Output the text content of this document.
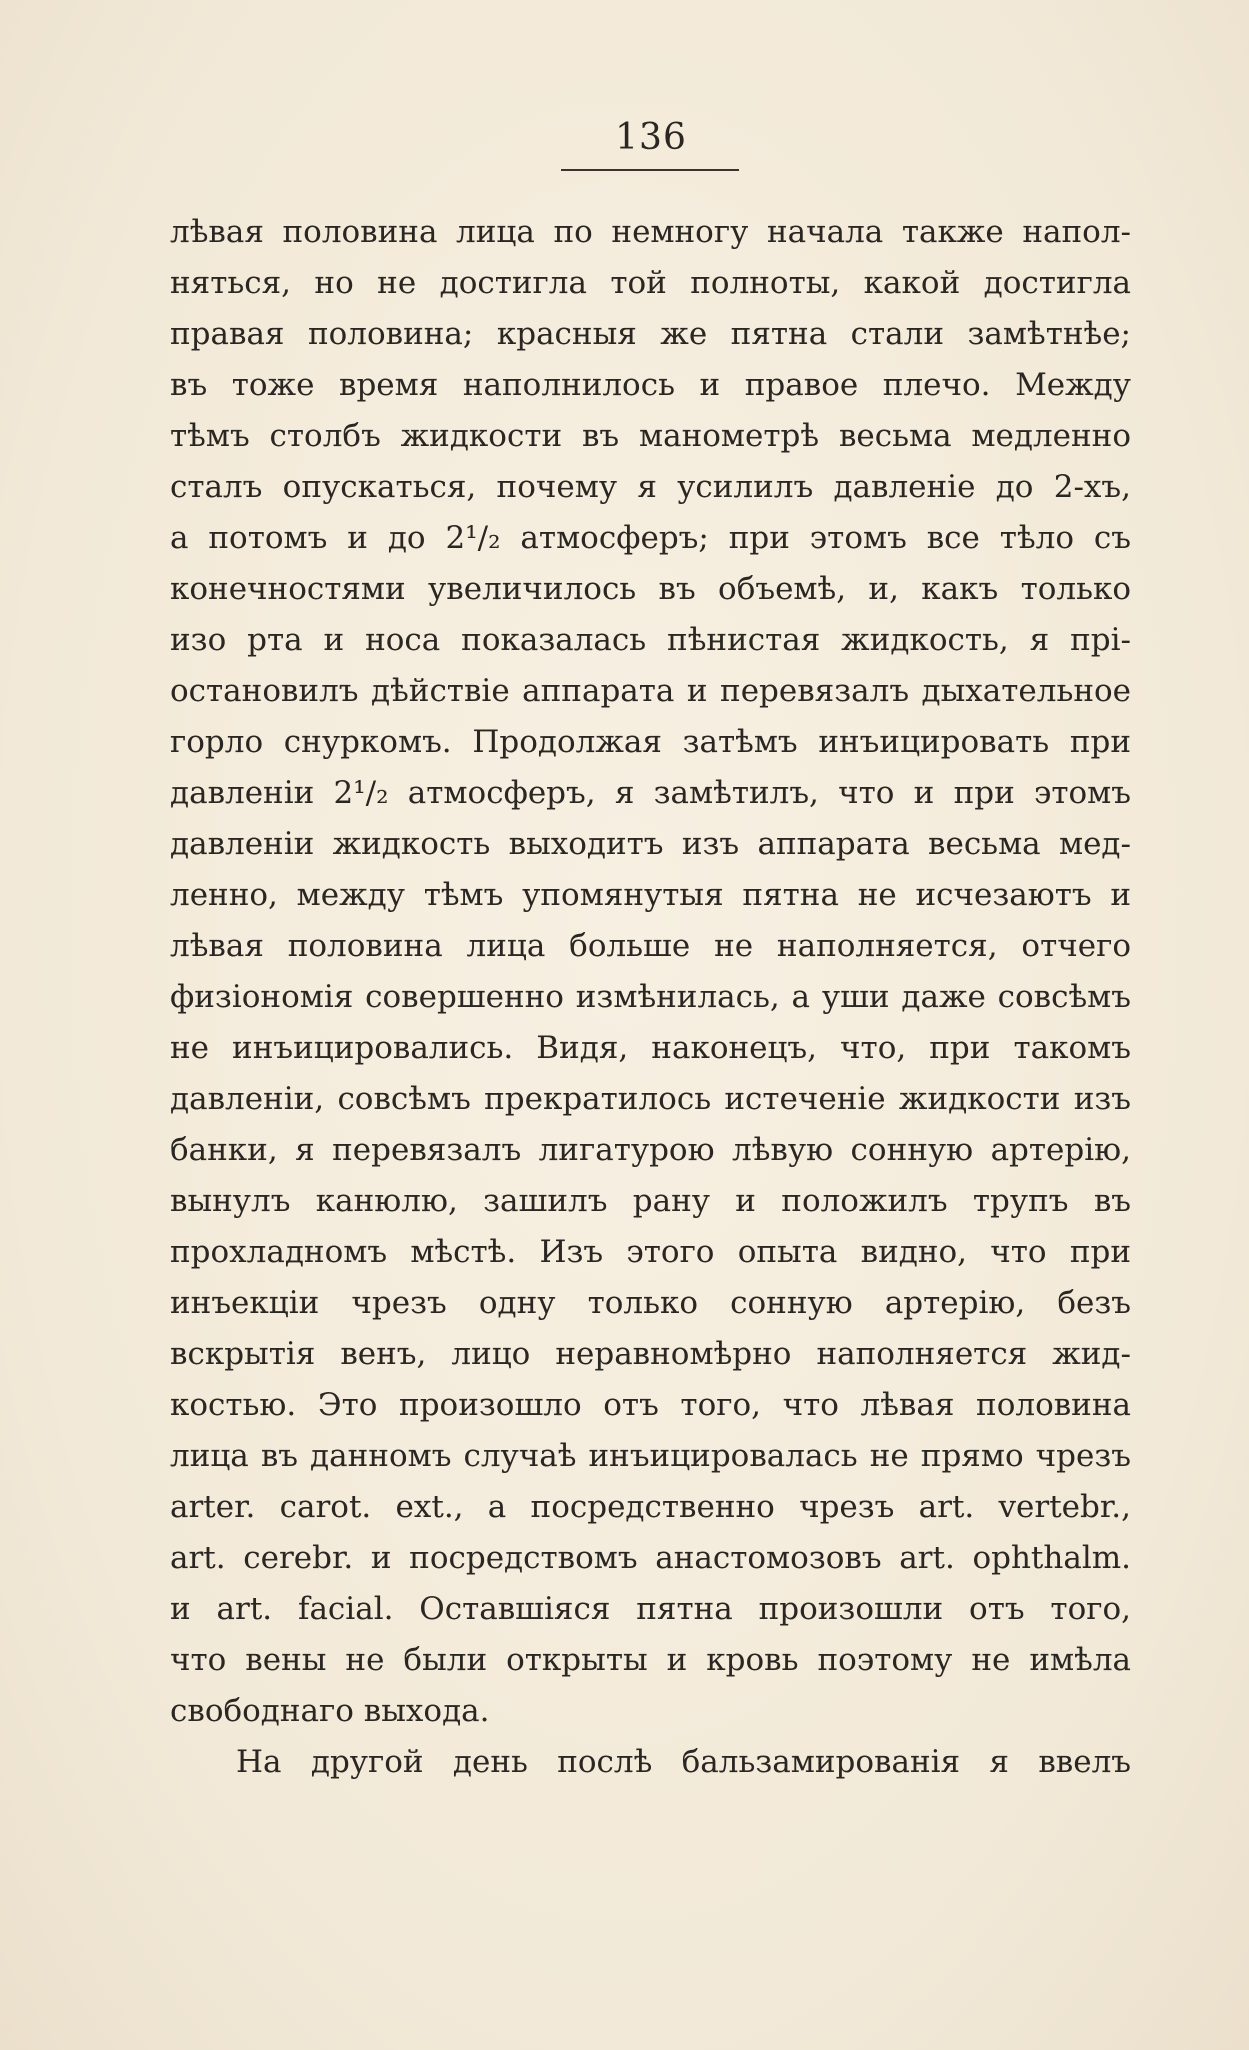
136
лѣвая половина лица по немногу начала также напол-
няться, но не достигла той полноты, какой достигла
правая половина; красныя же пятна стали замѣтнѣе;
въ тоже время наполнилось и правое плечо. Между
тѣмъ столбъ жидкости въ манометрѣ весьма медленно
сталъ опускаться, почему я усилилъ давленіе до 2-хъ,
а потомъ и до 2¹/₂ атмосферъ; при этомъ все тѣло съ
конечностями увеличилось въ объемѣ, и, какъ только
изо рта и носа показалась пѣнистая жидкость, я прі-
остановилъ дѣйствіе аппарата и перевязалъ дыхательное
горло снуркомъ. Продолжая затѣмъ инъицировать при
давленіи 2¹/₂ атмосферъ, я замѣтилъ, что и при этомъ
давленіи жидкость выходитъ изъ аппарата весьма мед-
ленно, между тѣмъ упомянутыя пятна не исчезаютъ и
лѣвая половина лица больше не наполняется, отчего
физіономія совершенно измѣнилась, а уши даже совсѣмъ
не инъицировались. Видя, наконецъ, что, при такомъ
давленіи, совсѣмъ прекратилось истеченіе жидкости изъ
банки, я перевязалъ лигатурою лѣвую сонную артерію,
вынулъ канюлю, зашилъ рану и положилъ трупъ въ
прохладномъ мѣстѣ. Изъ этого опыта видно, что при
инъекціи чрезъ одну только сонную артерію, безъ
вскрытія венъ, лицо неравномѣрно наполняется жид-
костью. Это произошло отъ того, что лѣвая половина
лица въ данномъ случаѣ инъицировалась не прямо чрезъ
arter. carot. ext., а посредственно чрезъ art. vertebr.,
art. cerebr. и посредствомъ анастомозовъ art. ophthalm.
и art. facial. Оставшіяся пятна произошли отъ того,
что вены не были открыты и кровь поэтому не имѣла
свободнаго выхода.
На другой день послѣ бальзамированія я ввелъ
